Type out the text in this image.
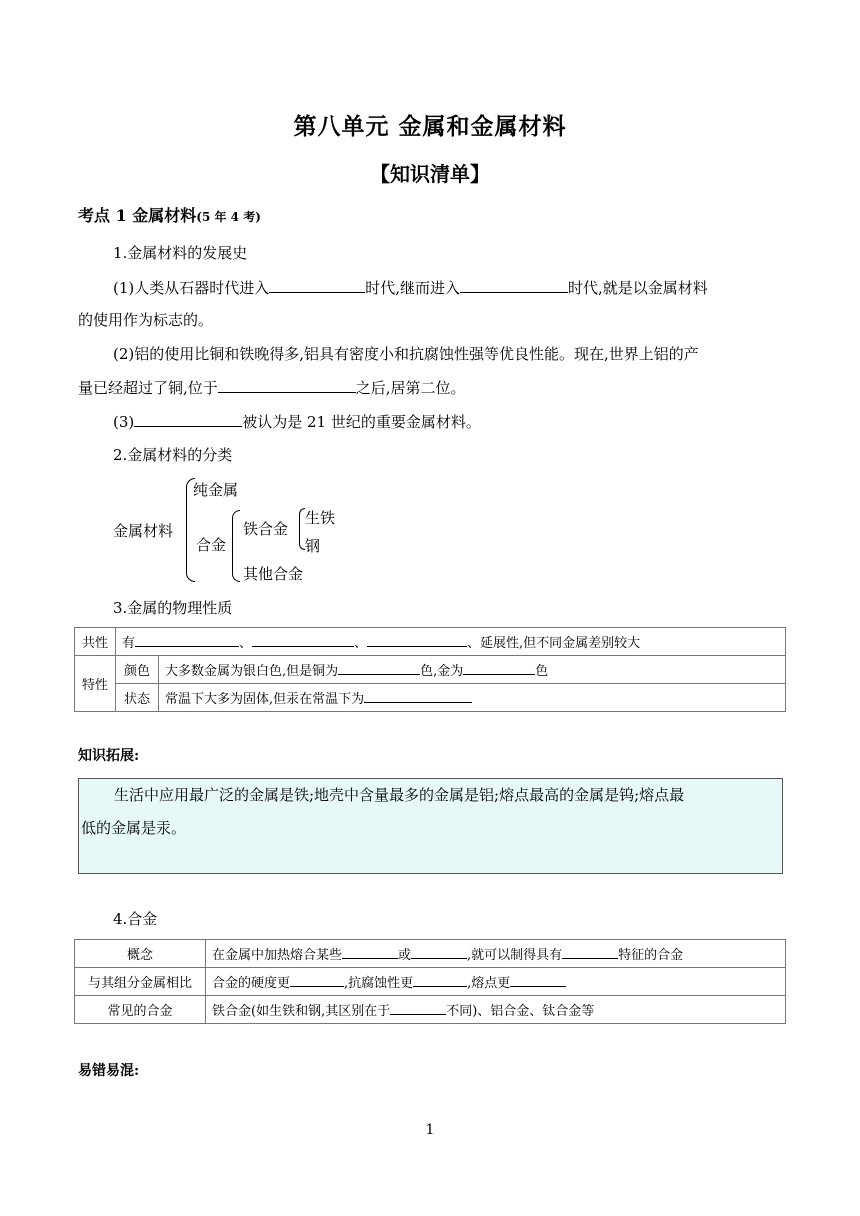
第八单元 金属和金属材料
【知识清单】
考点 1 金属材料(5 年 4 考)
1.金属材料的发展史
(1)人类从石器时代进入	时代,继而进入	时代,就是以金属材料
的使用作为标志的。
(2)铝的使用比铜和铁晚得多,铝具有密度小和抗腐蚀性强等优良性能。现在,世界上铝的产
量已经超过了铜,位于	之后,居第二位。
(3)	被认为是 21 世纪的重要金属材料。
2.金属材料的分类
金属材料
纯金属
合金
铁合金
生铁
钢
其他合金
3.金属的物理性质
共性	有 、 、 、延展性,但不同金属差别较大	
特性	颜色	大多数金属为银白色,但是铜为 色,金为 色
	状态	常温下大多为固体,但汞在常温下为
知识拓展:
生活中应用最广泛的金属是铁;地壳中含量最多的金属是铝;熔点最高的金属是钨;熔点最
低的金属是汞。
4.合金
概念	在金属中加热熔合某些 或 ,就可以制得具有 特征的合金
与其组分金属相比	合金的硬度更 ,抗腐蚀性更 ,熔点更
常见的合金	铁合金(如生铁和钢,其区别在于 不同)、铝合金、钛合金等
易错易混:
1
